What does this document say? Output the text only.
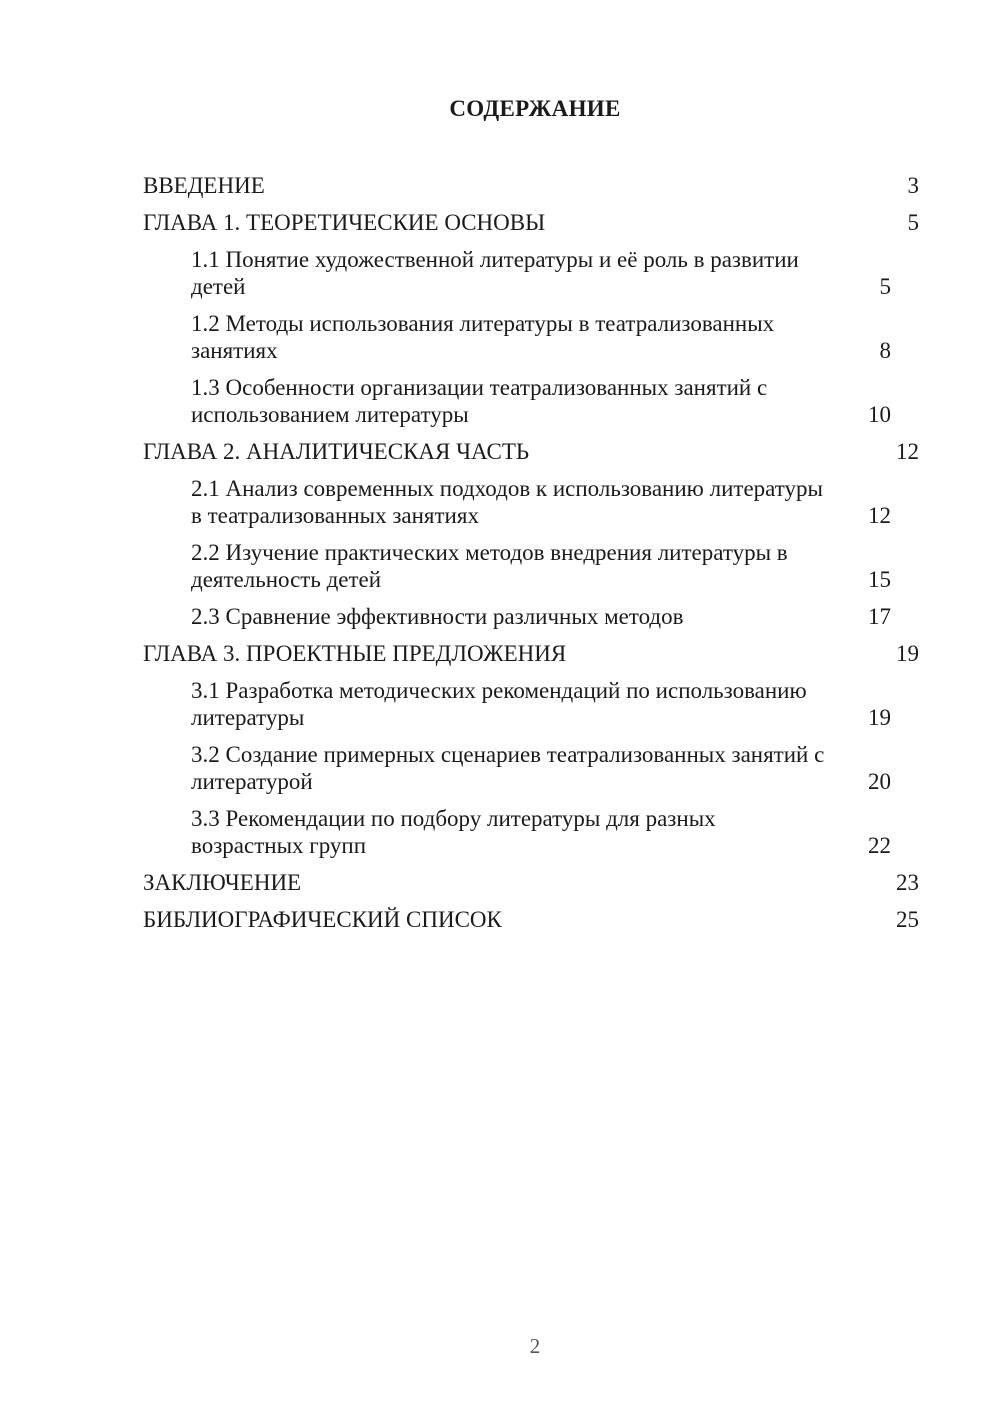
СОДЕРЖАНИЕ
ВВЕДЕНИЕ	3
ГЛАВА 1. ТЕОРЕТИЧЕСКИЕ ОСНОВЫ	5
1.1 Понятие художественной литературы и её роль в развитии детей	5
1.2 Методы использования литературы в театрализованных занятиях	8
1.3 Особенности организации театрализованных занятий с использованием литературы	10
ГЛАВА 2. АНАЛИТИЧЕСКАЯ ЧАСТЬ	12
2.1 Анализ современных подходов к использованию литературы в театрализованных занятиях	12
2.2 Изучение практических методов внедрения литературы в деятельность детей	15
2.3 Сравнение эффективности различных методов	17
ГЛАВА 3. ПРОЕКТНЫЕ ПРЕДЛОЖЕНИЯ	19
3.1 Разработка методических рекомендаций по использованию литературы	19
3.2 Создание примерных сценариев театрализованных занятий с литературой	20
3.3 Рекомендации по подбору литературы для разных возрастных групп	22
ЗАКЛЮЧЕНИЕ	23
БИБЛИОГРАФИЧЕСКИЙ СПИСОК	25
2
